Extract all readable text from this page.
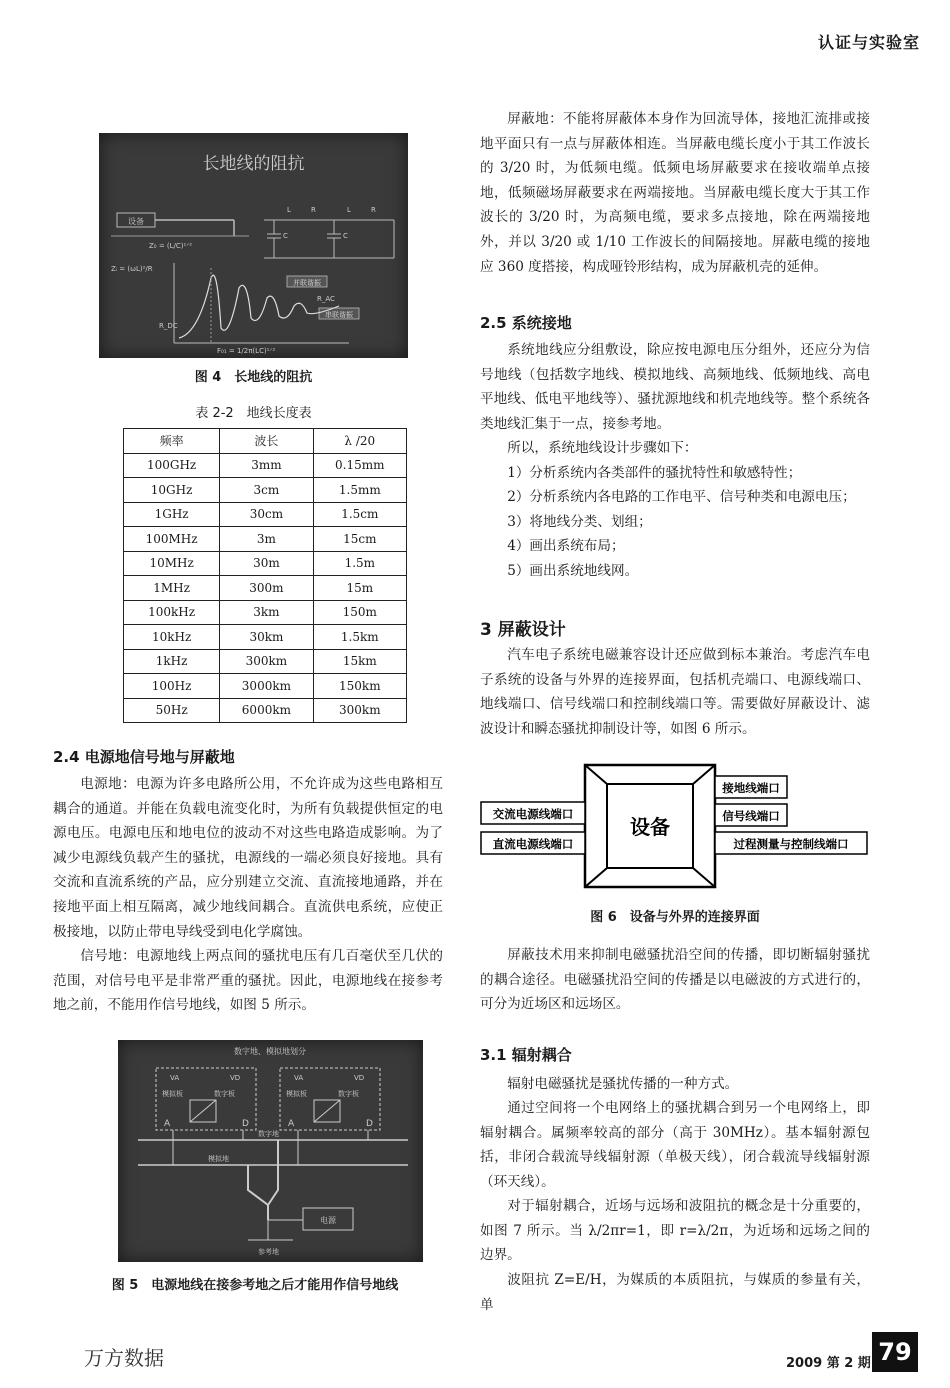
认证与实验室
长地线的阻抗
设备
Z₀ = (L/C)¹ᐟ²
L	R	L	R
C	C
Zᵢ = (ωL)²/R
R_DC
R_AC
并联谐振
串联谐振
F₀₁ = 1/2π(LC)¹ᐟ²
图 4　长地线的阻抗
表 2-2　地线长度表
频率	波长	λ /20
100GHz	3mm	0.15mm
10GHz	3cm	1.5mm
1GHz	30cm	1.5cm
100MHz	3m	15cm
10MHz	30m	1.5m
1MHz	300m	15m
100kHz	3km	150m
10kHz	30km	1.5km
1kHz	300km	15km
100Hz	3000km	150km
50Hz	6000km	300km
2.4 电源地信号地与屏蔽地

电源地：电源为许多电路所公用，不允许成为这些电路相互耦合的通道。并能在负载电流变化时，为所有负载提供恒定的电源电压。电源电压和地电位的波动不对这些电路造成影响。为了减少电源线负载产生的骚扰，电源线的一端必须良好接地。具有交流和直流系统的产品，应分别建立交流、直流接地通路，并在接地平面上相互隔离，减少地线间耦合。直流供电系统，应使正极接地，以防止带电导线受到电化学腐蚀。

信号地：电源地线上两点间的骚扰电压有几百毫伏至几伏的范围，对信号电平是非常严重的骚扰。因此，电源地线在接参考地之前，不能用作信号地线，如图 5 所示。

数字地、模拟地划分
VA	VD	VA	VD
模拟板	数字板	模拟板	数字板
A	D	A	D
数字地
模拟地
电源
参考地
图 5　电源地线在接参考地之后才能用作信号地线

屏蔽地：不能将屏蔽体本身作为回流导体，接地汇流排或接地平面只有一点与屏蔽体相连。当屏蔽电缆长度小于其工作波长的 3/20 时，为低频电缆。低频电场屏蔽要求在接收端单点接地，低频磁场屏蔽要求在两端接地。当屏蔽电缆长度大于其工作波长的 3/20 时，为高频电缆，要求多点接地，除在两端接地外，并以 3/20 或 1/10 工作波长的间隔接地。屏蔽电缆的接地应 360 度搭接，构成哑铃形结构，成为屏蔽机壳的延伸。

2.5 系统接地

系统地线应分组敷设，除应按电源电压分组外，还应分为信号地线（包括数字地线、模拟地线、高频地线、低频地线、高电平地线、低电平地线等）、骚扰源地线和机壳地线等。整个系统各类地线汇集于一点，接参考地。

所以，系统地线设计步骤如下：

1）分析系统内各类部件的骚扰特性和敏感特性；

2）分析系统内各电路的工作电平、信号种类和电源电压；

3）将地线分类、划组；

4）画出系统布局；

5）画出系统地线网。

3 屏蔽设计

汽车电子系统电磁兼容设计还应做到标本兼治。考虑汽车电子系统的设备与外界的连接界面，包括机壳端口、电源线端口、地线端口、信号线端口和控制线端口等。需要做好屏蔽设计、滤波设计和瞬态骚扰抑制设计等，如图 6 所示。

设备
交流电源线端口
直流电源线端口
接地线端口
信号线端口
过程测量与控制线端口
图 6　设备与外界的连接界面

屏蔽技术用来抑制电磁骚扰沿空间的传播，即切断辐射骚扰的耦合途径。电磁骚扰沿空间的传播是以电磁波的方式进行的，可分为近场区和远场区。

3.1 辐射耦合

辐射电磁骚扰是骚扰传播的一种方式。

通过空间将一个电网络上的骚扰耦合到另一个电网络上，即辐射耦合。属频率较高的部分（高于 30MHz）。基本辐射源包括，非闭合载流导线辐射源（单极天线），闭合载流导线辐射源（环天线）。

对于辐射耦合，近场与远场和波阻抗的概念是十分重要的，如图 7 所示。当 λ/2πr=1，即 r=λ/2π，为近场和远场之间的边界。

波阻抗 Z=E/H，为媒质的本质阻抗，与媒质的参量有关，单

万方数据	2009 第 2 期 79
